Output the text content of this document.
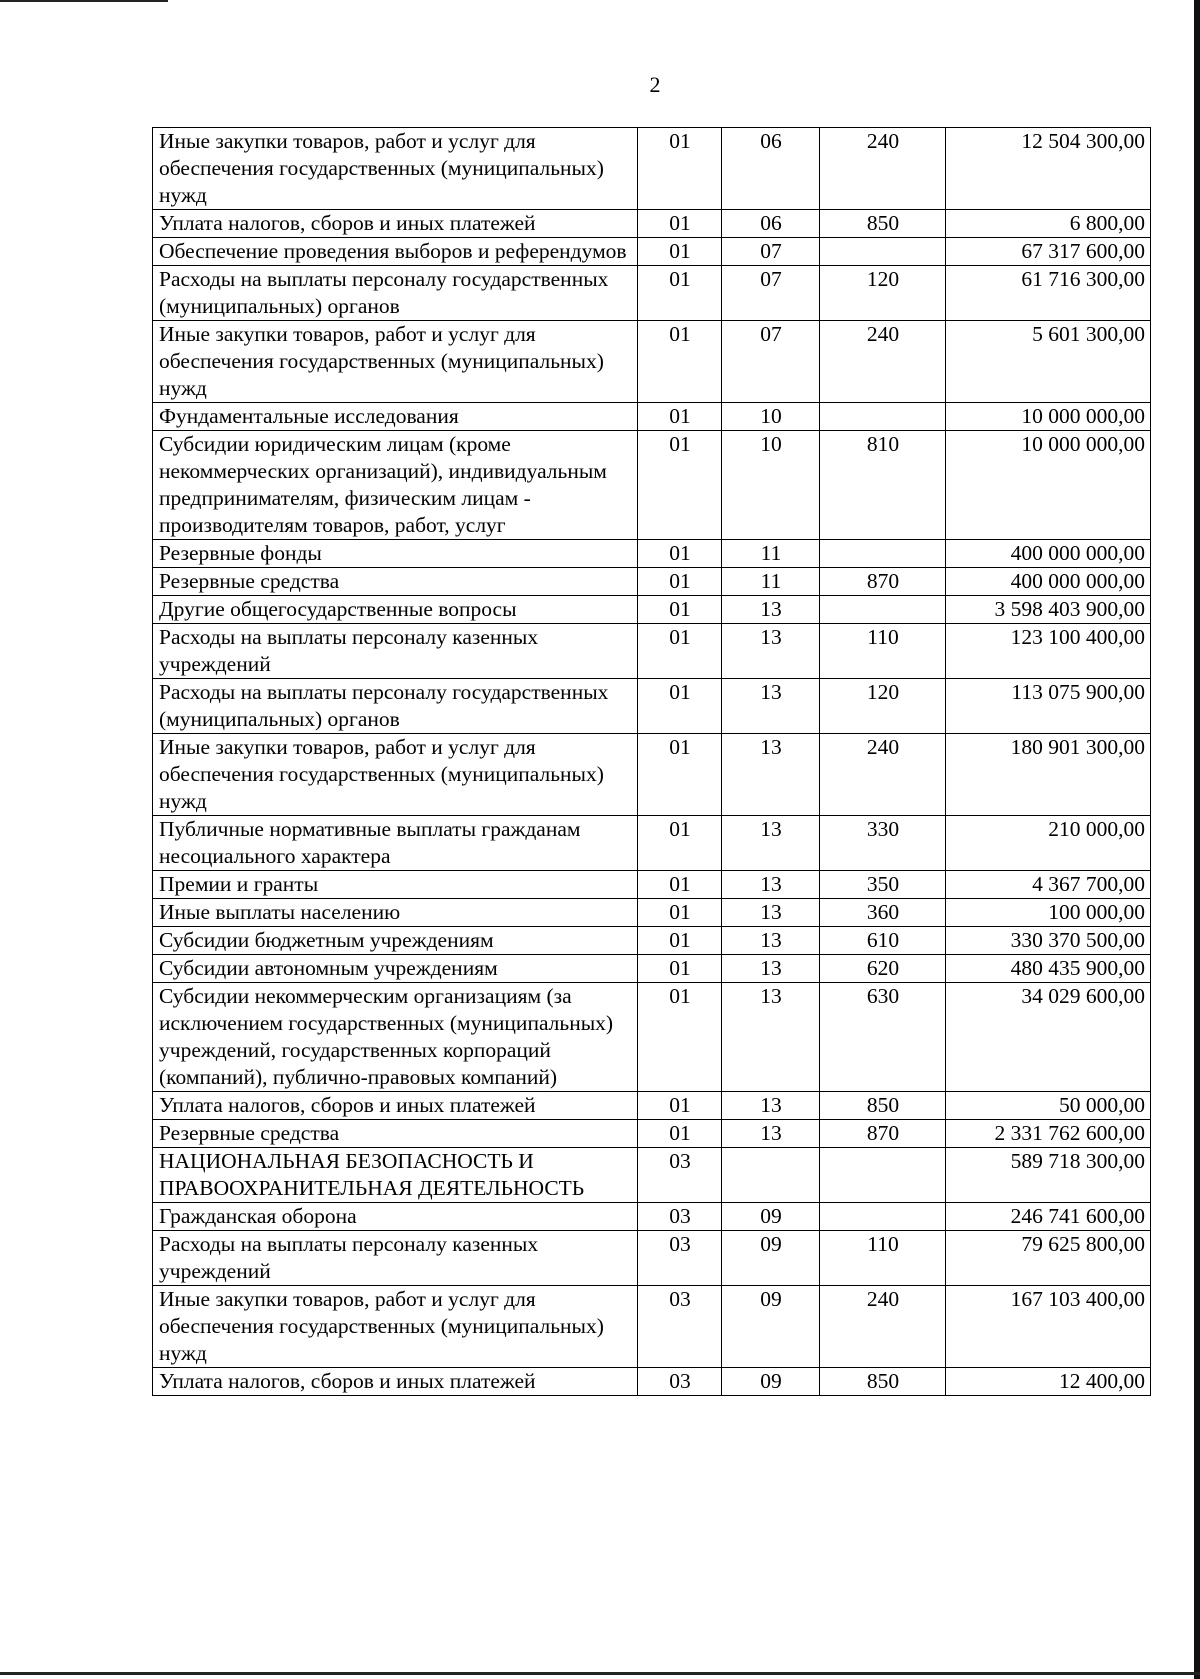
2
Иные закупки товаров, работ и услуг для обеспечения государственных (муниципальных) нужд	01	06	240	12 504 300,00
Уплата налогов, сборов и иных платежей	01	06	850	6 800,00
Обеспечение проведения выборов и референдумов	01	07		67 317 600,00
Расходы на выплаты персоналу государственных (муниципальных) органов	01	07	120	61 716 300,00
Иные закупки товаров, работ и услуг для обеспечения государственных (муниципальных) нужд	01	07	240	5 601 300,00
Фундаментальные исследования	01	10		10 000 000,00
Субсидии юридическим лицам (кроме некоммерческих организаций), индивидуальным предпринимателям, физическим лицам - производителям товаров, работ, услуг	01	10	810	10 000 000,00
Резервные фонды	01	11		400 000 000,00
Резервные средства	01	11	870	400 000 000,00
Другие общегосударственные вопросы	01	13		3 598 403 900,00
Расходы на выплаты персоналу казенных учреждений	01	13	110	123 100 400,00
Расходы на выплаты персоналу государственных (муниципальных) органов	01	13	120	113 075 900,00
Иные закупки товаров, работ и услуг для обеспечения государственных (муниципальных) нужд	01	13	240	180 901 300,00
Публичные нормативные выплаты гражданам несоциального характера	01	13	330	210 000,00
Премии и гранты	01	13	350	4 367 700,00
Иные выплаты населению	01	13	360	100 000,00
Субсидии бюджетным учреждениям	01	13	610	330 370 500,00
Субсидии автономным учреждениям	01	13	620	480 435 900,00
Субсидии некоммерческим организациям (за исключением государственных (муниципальных) учреждений, государственных корпораций (компаний), публично-правовых компаний)	01	13	630	34 029 600,00
Уплата налогов, сборов и иных платежей	01	13	850	50 000,00
Резервные средства	01	13	870	2 331 762 600,00
НАЦИОНАЛЬНАЯ БЕЗОПАСНОСТЬ И ПРАВООХРАНИТЕЛЬНАЯ ДЕЯТЕЛЬНОСТЬ	03			589 718 300,00
Гражданская оборона	03	09		246 741 600,00
Расходы на выплаты персоналу казенных учреждений	03	09	110	79 625 800,00
Иные закупки товаров, работ и услуг для обеспечения государственных (муниципальных) нужд	03	09	240	167 103 400,00
Уплата налогов, сборов и иных платежей	03	09	850	12 400,00
